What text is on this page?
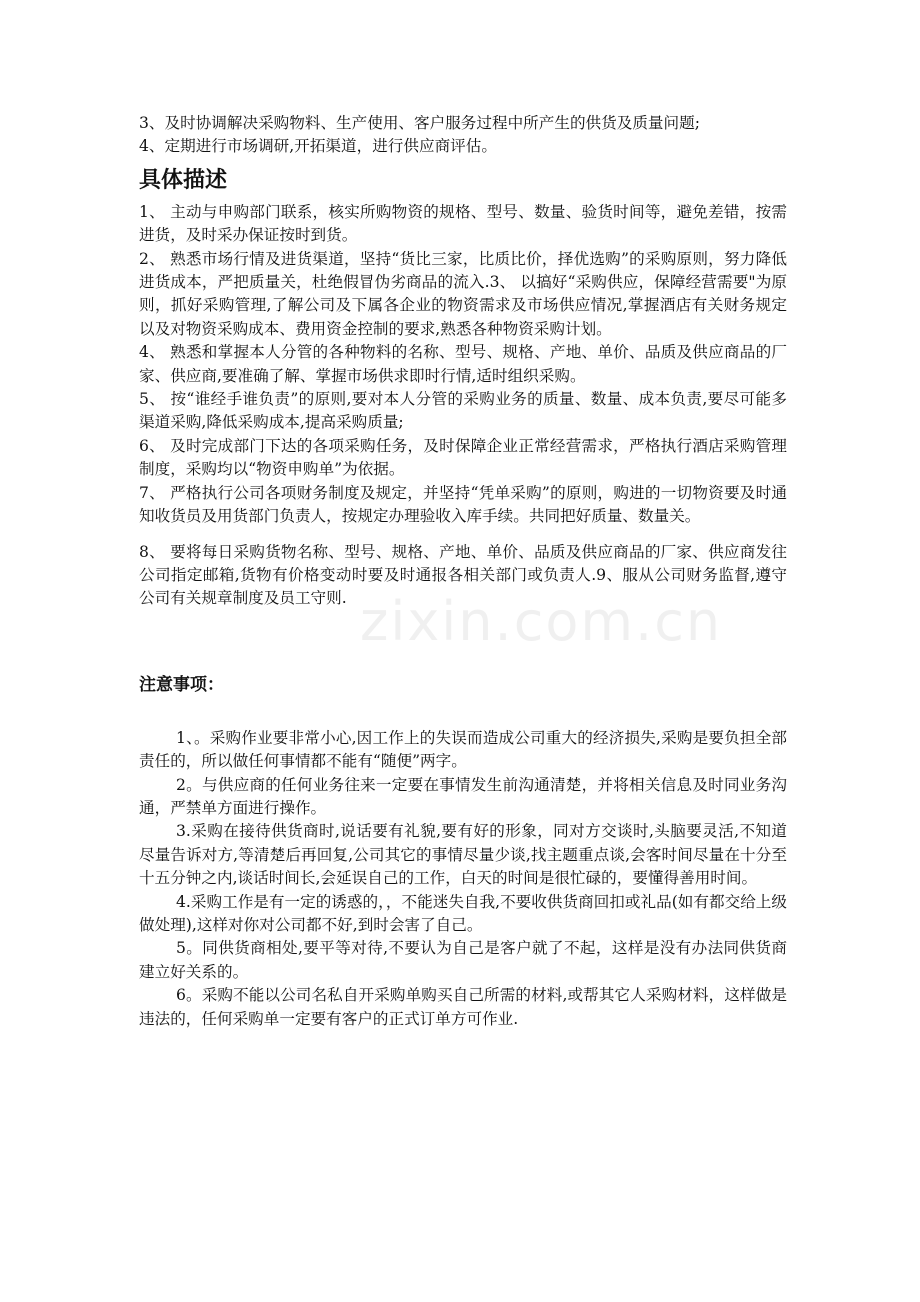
zixin.com.cn

3、及时协调解决采购物料、生产使用、客户服务过程中所产生的供货及质量问题;

4、定期进行市场调研,开拓渠道，进行供应商评估。

具体描述

1、 主动与申购部门联系，核实所购物资的规格、型号、数量、验货时间等，避免差错，按需进货，及时采办保证按时到货。

2、 熟悉市场行情及进货渠道，坚持“货比三家，比质比价，择优选购”的采购原则，努力降低进货成本，严把质量关，杜绝假冒伪劣商品的流入.3、 以搞好“采购供应，保障经营需要"为原则，抓好采购管理,了解公司及下属各企业的物资需求及市场供应情况,掌握酒店有关财务规定以及对物资采购成本、费用资金控制的要求,熟悉各种物资采购计划。

4、 熟悉和掌握本人分管的各种物料的名称、型号、规格、产地、单价、品质及供应商品的厂家、供应商,要准确了解、掌握市场供求即时行情,适时组织采购。

5、 按“谁经手谁负责”的原则,要对本人分管的采购业务的质量、数量、成本负责,要尽可能多渠道采购,降低采购成本,提高采购质量;

6、 及时完成部门下达的各项采购任务，及时保障企业正常经营需求，严格执行酒店采购管理制度，采购均以“物资申购单”为依据。

7、 严格执行公司各项财务制度及规定，并坚持“凭单采购”的原则，购进的一切物资要及时通知收货员及用货部门负责人，按规定办理验收入库手续。共同把好质量、数量关。

8、 要将每日采购货物名称、型号、规格、产地、单价、品质及供应商品的厂家、供应商发往公司指定邮箱,货物有价格变动时要及时通报各相关部门或负责人.9、服从公司财务监督,遵守公司有关规章制度及员工守则.

注意事项：

1、。采购作业要非常小心,因工作上的失误而造成公司重大的经济损失,采购是要负担全部责任的，所以做任何事情都不能有“随便”两字。

2。与供应商的任何业务往来一定要在事情发生前沟通清楚，并将相关信息及时同业务沟通，严禁单方面进行操作。

3.采购在接待供货商时,说话要有礼貌,要有好的形象，同对方交谈时,头脑要灵活,不知道尽量告诉对方,等清楚后再回复,公司其它的事情尽量少谈,找主题重点谈,会客时间尽量在十分至十五分钟之内,谈话时间长,会延误自己的工作，白天的时间是很忙碌的，要懂得善用时间。

4.采购工作是有一定的诱惑的，，不能迷失自我,不要收供货商回扣或礼品(如有都交给上级做处理),这样对你对公司都不好,到时会害了自己。

5。同供货商相处,要平等对待,不要认为自己是客户就了不起，这样是没有办法同供货商建立好关系的。

6。采购不能以公司名私自开采购单购买自己所需的材料,或帮其它人采购材料，这样做是违法的，任何采购单一定要有客户的正式订单方可作业.
